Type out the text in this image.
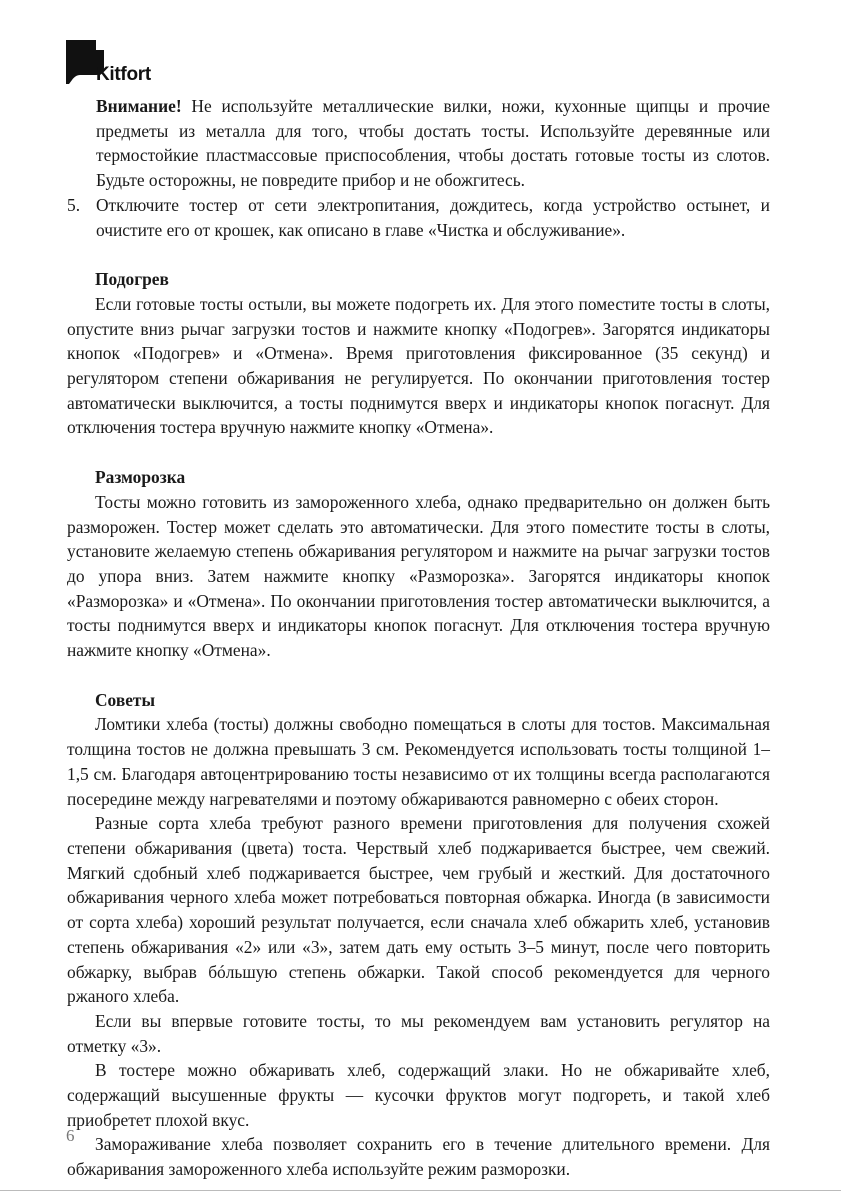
Kitfort

Внимание! Не используйте металлические вилки, ножи, кухонные щипцы и прочие предметы из металла для того, чтобы достать тосты. Используйте деревянные или термостойкие пластмассовые приспособления, чтобы достать готовые тосты из слотов. Будьте осторожны, не повредите прибор и не обожгитесь.

5. Отключите тостер от сети электропитания, дождитесь, когда устройство остынет, и очистите его от крошек, как описано в главе «Чистка и обслуживание».
Подогрев

Если готовые тосты остыли, вы можете подогреть их. Для этого поместите тосты в слоты, опустите вниз рычаг загрузки тостов и нажмите кнопку «Подогрев». Загорятся индикаторы кнопок «Подогрев» и «Отмена». Время приготовления фиксированное (35 секунд) и регулятором степени обжаривания не регулируется. По окончании приготовления тостер автоматически выключится, а тосты поднимутся вверх и индикаторы кнопок погаснут. Для отключения тостера вручную нажмите кнопку «Отмена».

Разморозка

Тосты можно готовить из замороженного хлеба, однако предварительно он должен быть разморожен. Тостер может сделать это автоматически. Для этого поместите тосты в слоты, установите желаемую степень обжаривания регулятором и нажмите на рычаг загрузки тостов до упора вниз. Затем нажмите кнопку «Разморозка». Загорятся индикаторы кнопок «Разморозка» и «Отмена». По окончании приготовления тостер автоматически выключится, а тосты поднимутся вверх и индикаторы кнопок погаснут. Для отключения тостера вручную нажмите кнопку «Отмена».

Советы

Ломтики хлеба (тосты) должны свободно помещаться в слоты для тостов. Максимальная толщина тостов не должна превышать 3 см. Рекомендуется использовать тосты толщиной 1–1,5 см. Благодаря автоцентрированию тосты независимо от их толщины всегда располагаются посередине между нагревателями и поэтому обжариваются равномерно с обеих сторон.

Разные сорта хлеба требуют разного времени приготовления для получения схожей степени обжаривания (цвета) тоста. Черствый хлеб поджаривается быстрее, чем свежий. Мягкий сдобный хлеб поджаривается быстрее, чем грубый и жесткий. Для достаточного обжаривания черного хлеба может потребоваться повторная обжарка. Иногда (в зависимости от сорта хлеба) хороший результат получается, если сначала хлеб обжарить хлеб, установив степень обжаривания «2» или «3», затем дать ему остыть 3–5 минут, после чего повторить обжарку, выбрав бóльшую степень обжарки. Такой способ рекомендуется для черного ржаного хлеба.

Если вы впервые готовите тосты, то мы рекомендуем вам установить регулятор на отметку «3».

В тостере можно обжаривать хлеб, содержащий злаки. Но не обжаривайте хлеб, содержащий высушенные фрукты — кусочки фруктов могут подгореть, и такой хлеб приобретет плохой вкус.

Замораживание хлеба позволяет сохранить его в течение длительного времени. Для обжаривания замороженного хлеба используйте режим разморозки.

6
